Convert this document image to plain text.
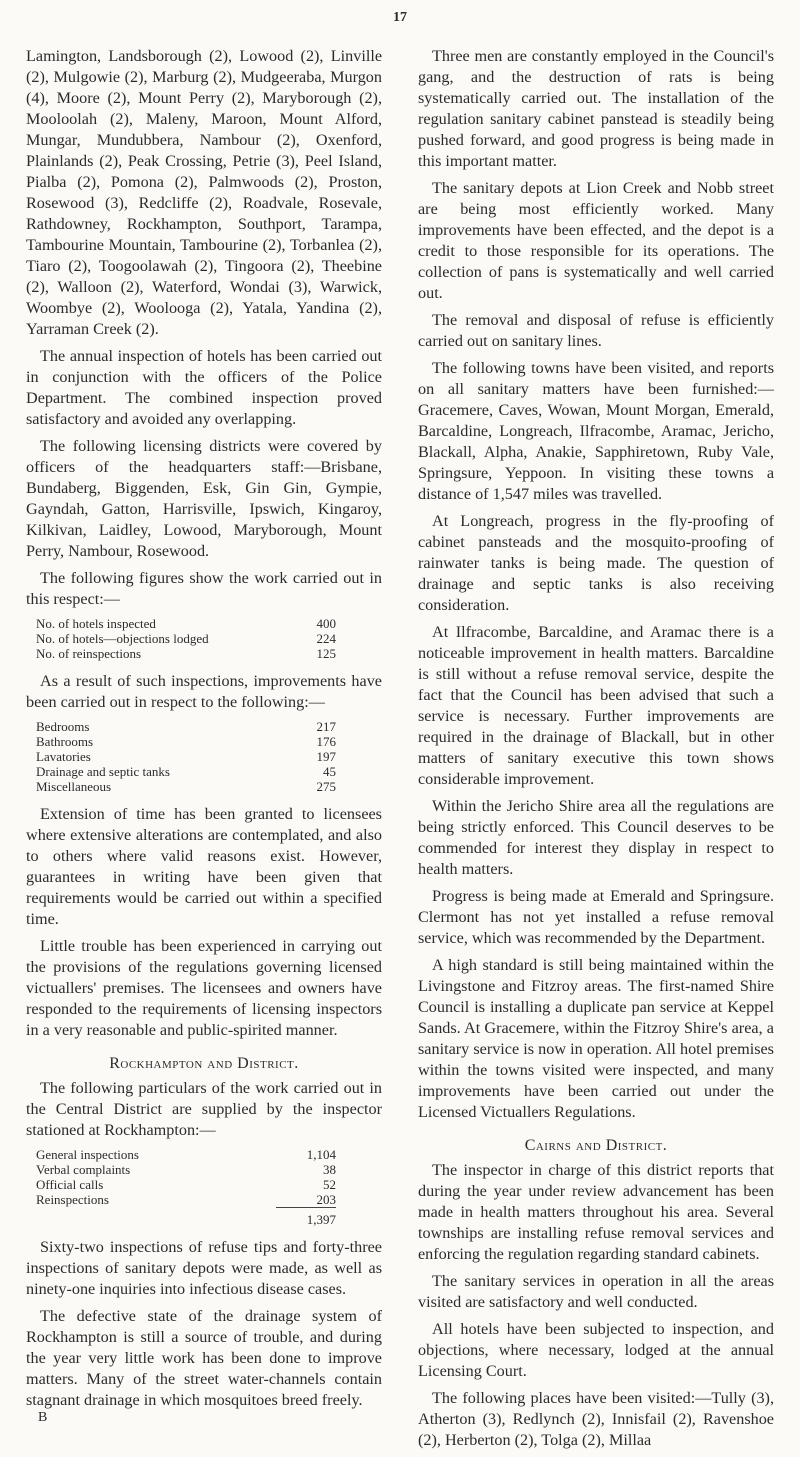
17

Lamington, Landsborough (2), Lowood (2), Linville (2), Mulgowie (2), Marburg (2), Mudgeeraba, Murgon (4), Moore (2), Mount Perry (2), Maryborough (2), Mooloolah (2), Maleny, Maroon, Mount Alford, Mungar, Mundubbera, Nambour (2), Oxenford, Plainlands (2), Peak Crossing, Petrie (3), Peel Island, Pialba (2), Pomona (2), Palmwoods (2), Proston, Rosewood (3), Redcliffe (2), Roadvale, Rosevale, Rathdowney, Rockhampton, Southport, Tarampa, Tambourine Mountain, Tambourine (2), Torbanlea (2), Tiaro (2), Toogoolawah (2), Tingoora (2), Theebine (2), Walloon (2), Waterford, Wondai (3), Warwick, Woombye (2), Woolooga (2), Yatala, Yandina (2), Yarraman Creek (2).

The annual inspection of hotels has been carried out in conjunction with the officers of the Police Department. The combined inspection proved satisfactory and avoided any overlapping.

The following licensing districts were covered by officers of the headquarters staff:—Brisbane, Bundaberg, Biggenden, Esk, Gin Gin, Gympie, Gayndah, Gatton, Harrisville, Ipswich, Kingaroy, Kilkivan, Laidley, Lowood, Maryborough, Mount Perry, Nambour, Rosewood.

The following figures show the work carried out in this respect:—

No. of hotels inspected	400
No. of hotels—objections lodged	224
No. of reinspections	125

As a result of such inspections, improvements have been carried out in respect to the following:—

Bedrooms	217
Bathrooms	176
Lavatories	197
Drainage and septic tanks	45
Miscellaneous	275

Extension of time has been granted to licensees where extensive alterations are contemplated, and also to others where valid reasons exist. However, guarantees in writing have been given that requirements would be carried out within a specified time.

Little trouble has been experienced in carrying out the provisions of the regulations governing licensed victuallers' premises. The licensees and owners have responded to the requirements of licensing inspectors in a very reasonable and public-spirited manner.

Rockhampton and District.

The following particulars of the work carried out in the Central District are supplied by the inspector stationed at Rockhampton:—

General inspections	1,104
Verbal complaints	38
Official calls	52
Reinspections	203
	1,397

Sixty-two inspections of refuse tips and forty-three inspections of sanitary depots were made, as well as ninety-one inquiries into infectious disease cases.

The defective state of the drainage system of Rockhampton is still a source of trouble, and during the year very little work has been done to improve matters. Many of the street water-channels contain stagnant drainage in which mosquitoes breed freely.

Three men are constantly employed in the Council's gang, and the destruction of rats is being systematically carried out. The installation of the regulation sanitary cabinet panstead is steadily being pushed forward, and good progress is being made in this important matter.

The sanitary depots at Lion Creek and Nobb street are being most efficiently worked. Many improvements have been effected, and the depot is a credit to those responsible for its operations. The collection of pans is systematically and well carried out.

The removal and disposal of refuse is efficiently carried out on sanitary lines.

The following towns have been visited, and reports on all sanitary matters have been furnished:—Gracemere, Caves, Wowan, Mount Morgan, Emerald, Barcaldine, Longreach, Ilfracombe, Aramac, Jericho, Blackall, Alpha, Anakie, Sapphiretown, Ruby Vale, Springsure, Yeppoon. In visiting these towns a distance of 1,547 miles was travelled.

At Longreach, progress in the fly-proofing of cabinet pansteads and the mosquito-proofing of rainwater tanks is being made. The question of drainage and septic tanks is also receiving consideration.

At Ilfracombe, Barcaldine, and Aramac there is a noticeable improvement in health matters. Barcaldine is still without a refuse removal service, despite the fact that the Council has been advised that such a service is necessary. Further improvements are required in the drainage of Blackall, but in other matters of sanitary executive this town shows considerable improvement.

Within the Jericho Shire area all the regulations are being strictly enforced. This Council deserves to be commended for interest they display in respect to health matters.

Progress is being made at Emerald and Springsure. Clermont has not yet installed a refuse removal service, which was recommended by the Department.

A high standard is still being maintained within the Livingstone and Fitzroy areas. The first-named Shire Council is installing a duplicate pan service at Keppel Sands. At Gracemere, within the Fitzroy Shire's area, a sanitary service is now in operation. All hotel premises within the towns visited were inspected, and many improvements have been carried out under the Licensed Victuallers Regulations.

Cairns and District.

The inspector in charge of this district reports that during the year under review advancement has been made in health matters throughout his area. Several townships are installing refuse removal services and enforcing the regulation regarding standard cabinets.

The sanitary services in operation in all the areas visited are satisfactory and well conducted.

All hotels have been subjected to inspection, and objections, where necessary, lodged at the annual Licensing Court.

The following places have been visited:—Tully (3), Atherton (3), Redlynch (2), Innisfail (2), Ravenshoe (2), Herberton (2), Tolga (2), Millaa

B
